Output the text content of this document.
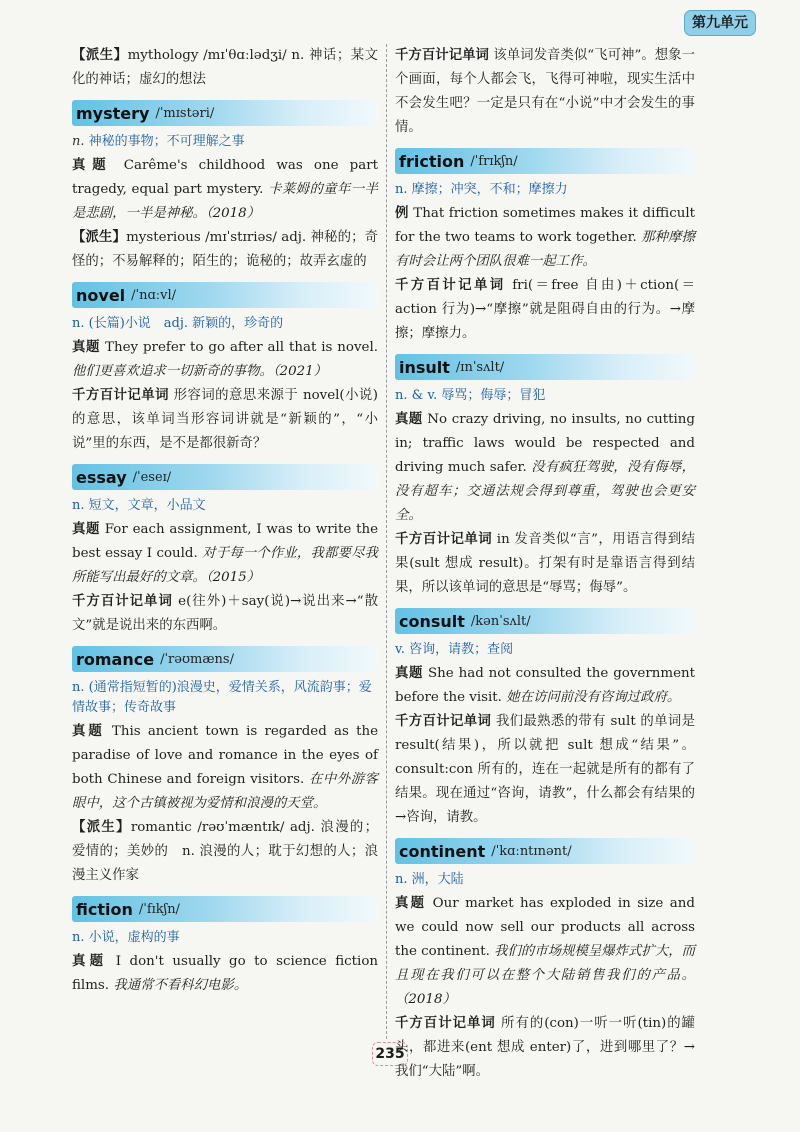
第九单元

【派生】mythology /mɪˈθɑːlədʒi/ n. 神话；某文化的神话；虚幻的想法

mystery /ˈmɪstəri/
n. 神秘的事物；不可理解之事

真题 Carême's childhood was one part tragedy, equal part mystery. 卡莱姆的童年一半是悲剧，一半是神秘。（2018）

【派生】mysterious /mɪˈstɪriəs/ adj. 神秘的；奇怪的；不易解释的；陌生的；诡秘的；故弄玄虚的

novel /ˈnɑːvl/
n. (长篇)小说　adj. 新颖的，珍奇的

真题 They prefer to go after all that is novel. 他们更喜欢追求一切新奇的事物。（2021）

千方百计记单词 形容词的意思来源于 novel(小说)的意思，该单词当形容词讲就是“新颖的”，“小说”里的东西，是不是都很新奇？

essay /ˈeseɪ/
n. 短文，文章，小品文

真题 For each assignment, I was to write the best essay I could. 对于每一个作业，我都要尽我所能写出最好的文章。（2015）

千方百计记单词 e(往外)＋say(说)→说出来→“散文”就是说出来的东西啊。

romance /ˈrəʊmæns/
n. (通常指短暂的)浪漫史，爱情关系，风流韵事；爱情故事；传奇故事

真题 This ancient town is regarded as the paradise of love and romance in the eyes of both Chinese and foreign visitors. 在中外游客眼中，这个古镇被视为爱情和浪漫的天堂。

【派生】romantic /rəʊˈmæntɪk/ adj. 浪漫的；爱情的；美妙的　n. 浪漫的人；耽于幻想的人；浪漫主义作家

fiction /ˈfɪkʃn/
n. 小说，虚构的事

真题 I don't usually go to science fiction films. 我通常不看科幻电影。

千方百计记单词 该单词发音类似“飞可神”。想象一个画面，每个人都会飞，飞得可神啦，现实生活中不会发生吧？一定是只有在“小说”中才会发生的事情。

friction /ˈfrɪkʃn/
n. 摩擦；冲突，不和；摩擦力

例 That friction sometimes makes it difficult for the two teams to work together. 那种摩擦有时会让两个团队很难一起工作。

千方百计记单词 fri(＝free 自由)＋ction(＝action 行为)→“摩擦”就是阻碍自由的行为。→摩擦；摩擦力。

insult /ɪnˈsʌlt/
n. & v. 辱骂；侮辱；冒犯

真题 No crazy driving, no insults, no cutting in; traffic laws would be respected and driving much safer. 没有疯狂驾驶，没有侮辱，没有超车；交通法规会得到尊重，驾驶也会更安全。

千方百计记单词 in 发音类似“言”，用语言得到结果(sult 想成 result)。打架有时是靠语言得到结果，所以该单词的意思是“辱骂；侮辱”。

consult /kənˈsʌlt/
v. 咨询，请教；查阅

真题 She had not consulted the government before the visit. 她在访问前没有咨询过政府。

千方百计记单词 我们最熟悉的带有 sult 的单词是 result(结果)，所以就把 sult 想成“结果”。consult:con 所有的，连在一起就是所有的都有了结果。现在通过“咨询，请教”，什么都会有结果的→咨询，请教。

continent /ˈkɑːntɪnənt/
n. 洲，大陆

真题 Our market has exploded in size and we could now sell our products all across the continent. 我们的市场规模呈爆炸式扩大，而且现在我们可以在整个大陆销售我们的产品。（2018）

千方百计记单词 所有的(con)一听一听(tin)的罐头，都进来(ent 想成 enter)了，进到哪里了？→我们“大陆”啊。

235
